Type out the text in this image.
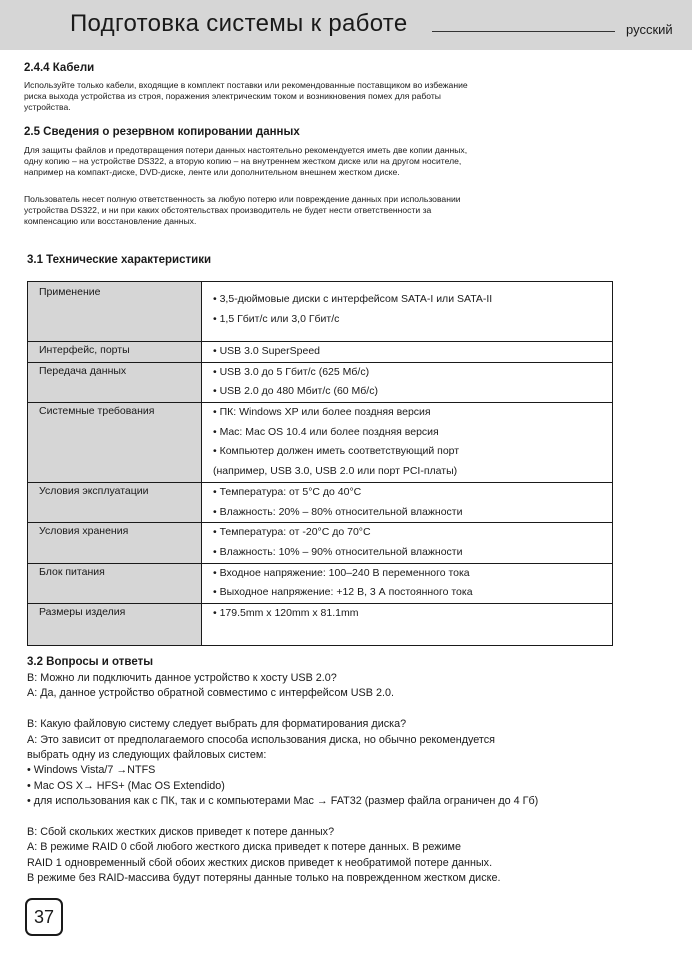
Подготовка системы к работе	русский
2.4.4 Кабели
Используйте только кабели, входящие в комплект поставки или рекомендованные поставщиком во избежание
риска выхода устройства из строя, поражения электрическим током и возникновения помех для работы
устройства.
2.5 Сведения о резервном копировании данных
Для защиты файлов и предотвращения потери данных настоятельно рекомендуется иметь две копии данных,
одну копию – на устройстве DS322, а вторую копию – на внутреннем жестком диске или на другом носителе,
например на компакт-диске, DVD-диске, ленте или дополнительном внешнем жестком диске.
Пользователь несет полную ответственность за любую потерю или повреждение данных при использовании
устройства DS322, и ни при каких обстоятельствах производитель не будет нести ответственности за
компенсацию или восстановление данных.
3.1 Технические характеристики
Применение	• 3,5-дюймовые диски с интерфейсом SATA-I или SATA-II
• 1,5 Гбит/с или 3,0 Гбит/с

Интерфейс, порты	• USB 3.0 SuperSpeed

Передача данных	• USB 3.0 до 5 Гбит/с (625 Мб/с)
• USB 2.0 до 480 Мбит/с (60 Мб/с)

Системные требования	• ПК: Windows XP или более поздняя версия
• Mac: Mac OS 10.4 или более поздняя версия
• Компьютер должен иметь соответствующий порт
(например, USB 3.0, USB 2.0 или порт PCI-платы)

Условия эксплуатации	• Температура: от 5°C до 40°C
• Влажность: 20% – 80% относительной влажности

Условия хранения	• Температура: от -20°C до 70°C
• Влажность: 10% – 90% относительной влажности

Блок питания	• Входное напряжение: 100–240 В переменного тока
• Выходное напряжение: +12 В, 3 А постоянного тока

Размеры изделия	• 179.5mm x 120mm x 81.1mm
3.2 Вопросы и ответы
В: Можно ли подключить данное устройство к хосту USB 2.0?
А: Да, данное устройство обратной совместимо с интерфейсом USB 2.0.
В: Какую файловую систему следует выбрать для форматирования диска?
А: Это зависит от предполагаемого способа использования диска, но обычно рекомендуется
выбрать одну из следующих файловых систем:
• Windows Vista/7 →NTFS
• Mac OS X→ HFS+ (Mac OS Extendido)
• для использования как с ПК, так и с компьютерами Mac → FAT32 (размер файла ограничен до 4 Гб)
В: Сбой скольких жестких дисков приведет к потере данных?
А: В режиме RAID 0 сбой любого жесткого диска приведет к потере данных. В режиме
RAID 1 одновременный сбой обоих жестких дисков приведет к необратимой потере данных.
В режиме без RAID-массива будут потеряны данные только на поврежденном жестком диске.
37
